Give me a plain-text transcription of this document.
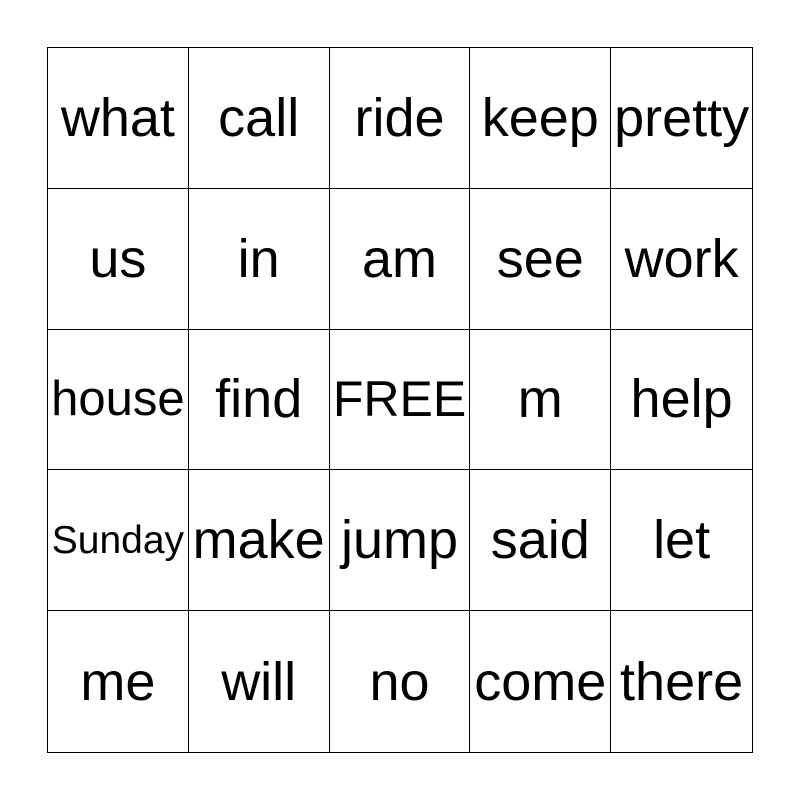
what call ride keep pretty
us in am see work
house find FREE m help
Sunday make jump said let
me will no come there
